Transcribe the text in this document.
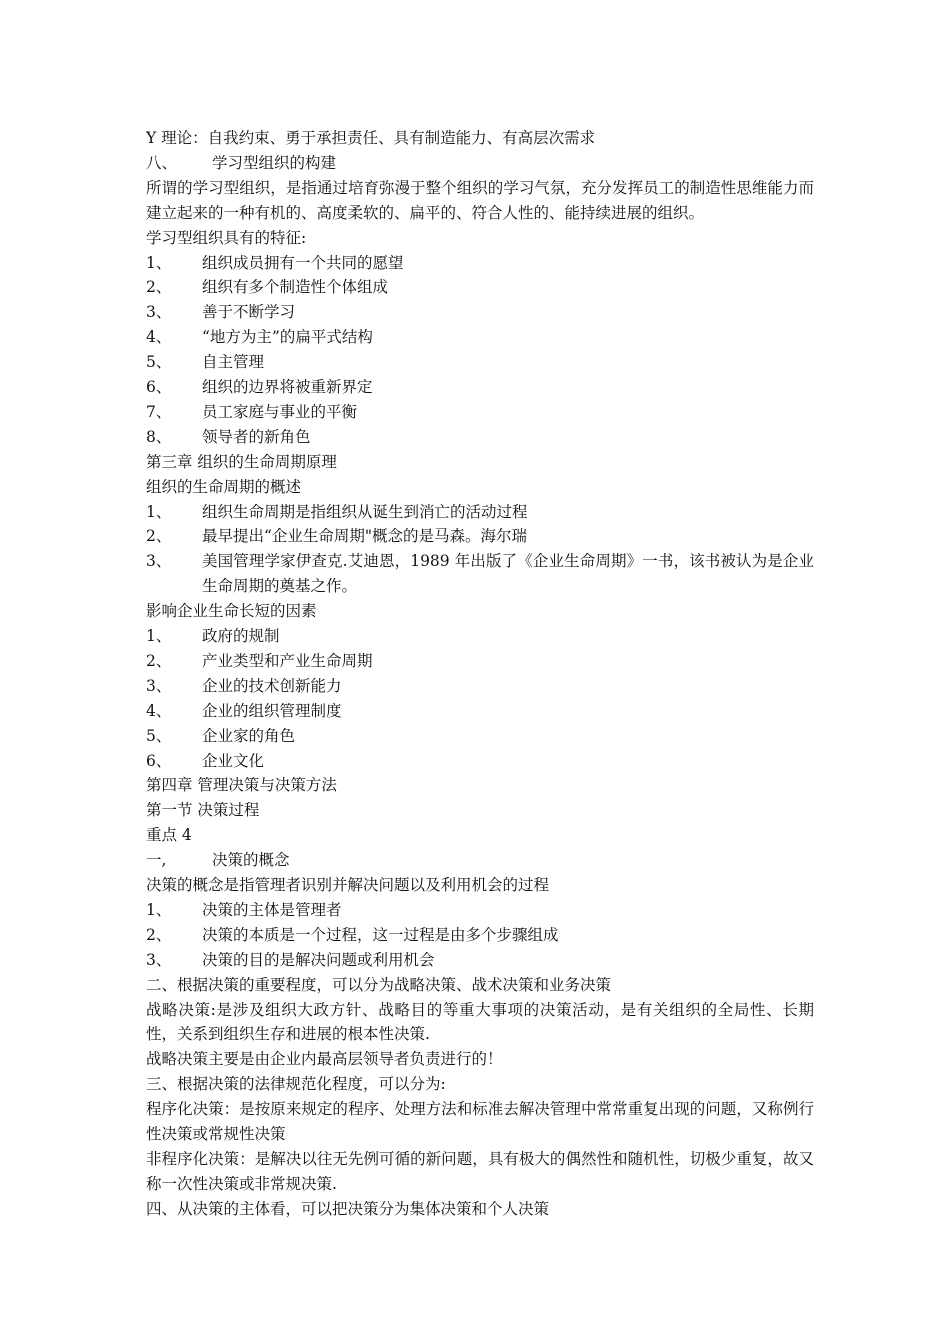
Y 理论：自我约束、勇于承担责任、具有制造能力、有高层次需求
八、	学习型组织的构建
所谓的学习型组织，是指通过培育弥漫于整个组织的学习气氛，充分发挥员工的制造性思维能力而建立起来的一种有机的、高度柔软的、扁平的、符合人性的、能持续进展的组织。
学习型组织具有的特征:
1、	组织成员拥有一个共同的愿望
2、	组织有多个制造性个体组成
3、	善于不断学习
4、	“地方为主”的扁平式结构
5、	自主管理
6、	组织的边界将被重新界定
7、	员工家庭与事业的平衡
8、	领导者的新角色
第三章 组织的生命周期原理
组织的生命周期的概述
1、	组织生命周期是指组织从诞生到消亡的活动过程
2、	最早提出“企业生命周期"概念的是马森。海尔瑞
3、	美国管理学家伊查克.艾迪恩，1989 年出版了《企业生命周期》一书，该书被认为是企业生命周期的奠基之作。
影响企业生命长短的因素
1、	政府的规制
2、	产业类型和产业生命周期
3、	企业的技术创新能力
4、	企业的组织管理制度
5、	企业家的角色
6、	企业文化
第四章 管理决策与决策方法
第一节 决策过程
重点 4
一,	决策的概念
决策的概念是指管理者识别并解决问题以及利用机会的过程
1、	决策的主体是管理者
2、	决策的本质是一个过程，这一过程是由多个步骤组成
3、	决策的目的是解决问题或利用机会
二、根据决策的重要程度，可以分为战略决策、战术决策和业务决策
战略决策:是涉及组织大政方针、战略目的等重大事项的决策活动，是有关组织的全局性、长期性，关系到组织生存和进展的根本性决策.
战略决策主要是由企业内最高层领导者负责进行的！
三、根据决策的法律规范化程度，可以分为:
程序化决策：是按原来规定的程序、处理方法和标准去解决管理中常常重复出现的问题，又称例行性决策或常规性决策
非程序化决策：是解决以往无先例可循的新问题，具有极大的偶然性和随机性，切极少重复，故又称一次性决策或非常规决策.
四、从决策的主体看，可以把决策分为集体决策和个人决策
